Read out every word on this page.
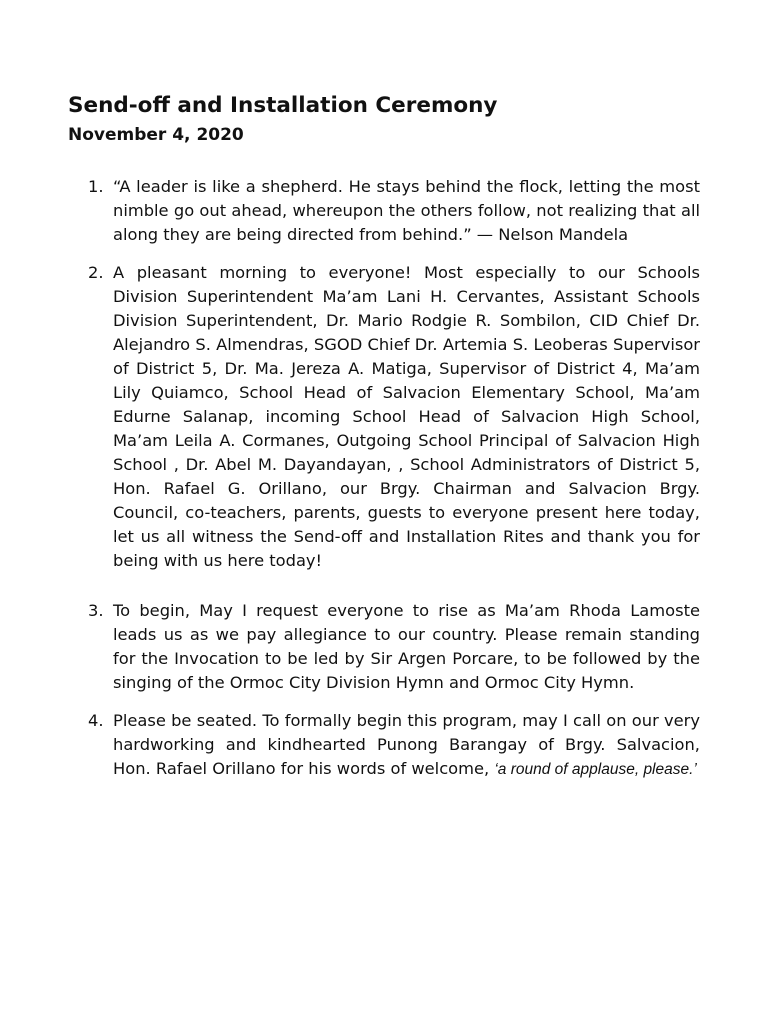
Send-off and Installation Ceremony
November 4, 2020
1. “A leader is like a shepherd. He stays behind the flock, letting the most nimble go out ahead, whereupon the others follow, not realizing that all along they are being directed from behind.” — Nelson Mandela
2. A pleasant morning to everyone! Most especially to our Schools Division Superintendent Ma’am Lani H. Cervantes, Assistant Schools Division Superintendent, Dr. Mario Rodgie R. Sombilon, CID Chief Dr. Alejandro S. Almendras, SGOD Chief Dr. Artemia S. Leoberas Supervisor of District 5, Dr. Ma. Jereza A. Matiga, Supervisor of District 4, Ma’am Lily Quiamco, School Head of Salvacion Elementary School, Ma’am Edurne Salanap, incoming School Head of Salvacion High School, Ma’am Leila A. Cormanes, Outgoing School Principal of Salvacion High School , Dr. Abel M. Dayandayan, , School Administrators of District 5, Hon. Rafael G. Orillano, our Brgy. Chairman and Salvacion Brgy. Council, co-teachers, parents, guests to everyone present here today, let us all witness the Send-off and Installation Rites and thank you for being with us here today!
3. To begin, May I request everyone to rise as Ma’am Rhoda Lamoste leads us as we pay allegiance to our country. Please remain standing for the Invocation to be led by Sir Argen Porcare, to be followed by the singing of the Ormoc City Division Hymn and Ormoc City Hymn.
4. Please be seated. To formally begin this program, may I call on our very hardworking and kindhearted Punong Barangay of Brgy. Salvacion, Hon. Rafael Orillano for his words of welcome, ‘a round of applause, please.’
